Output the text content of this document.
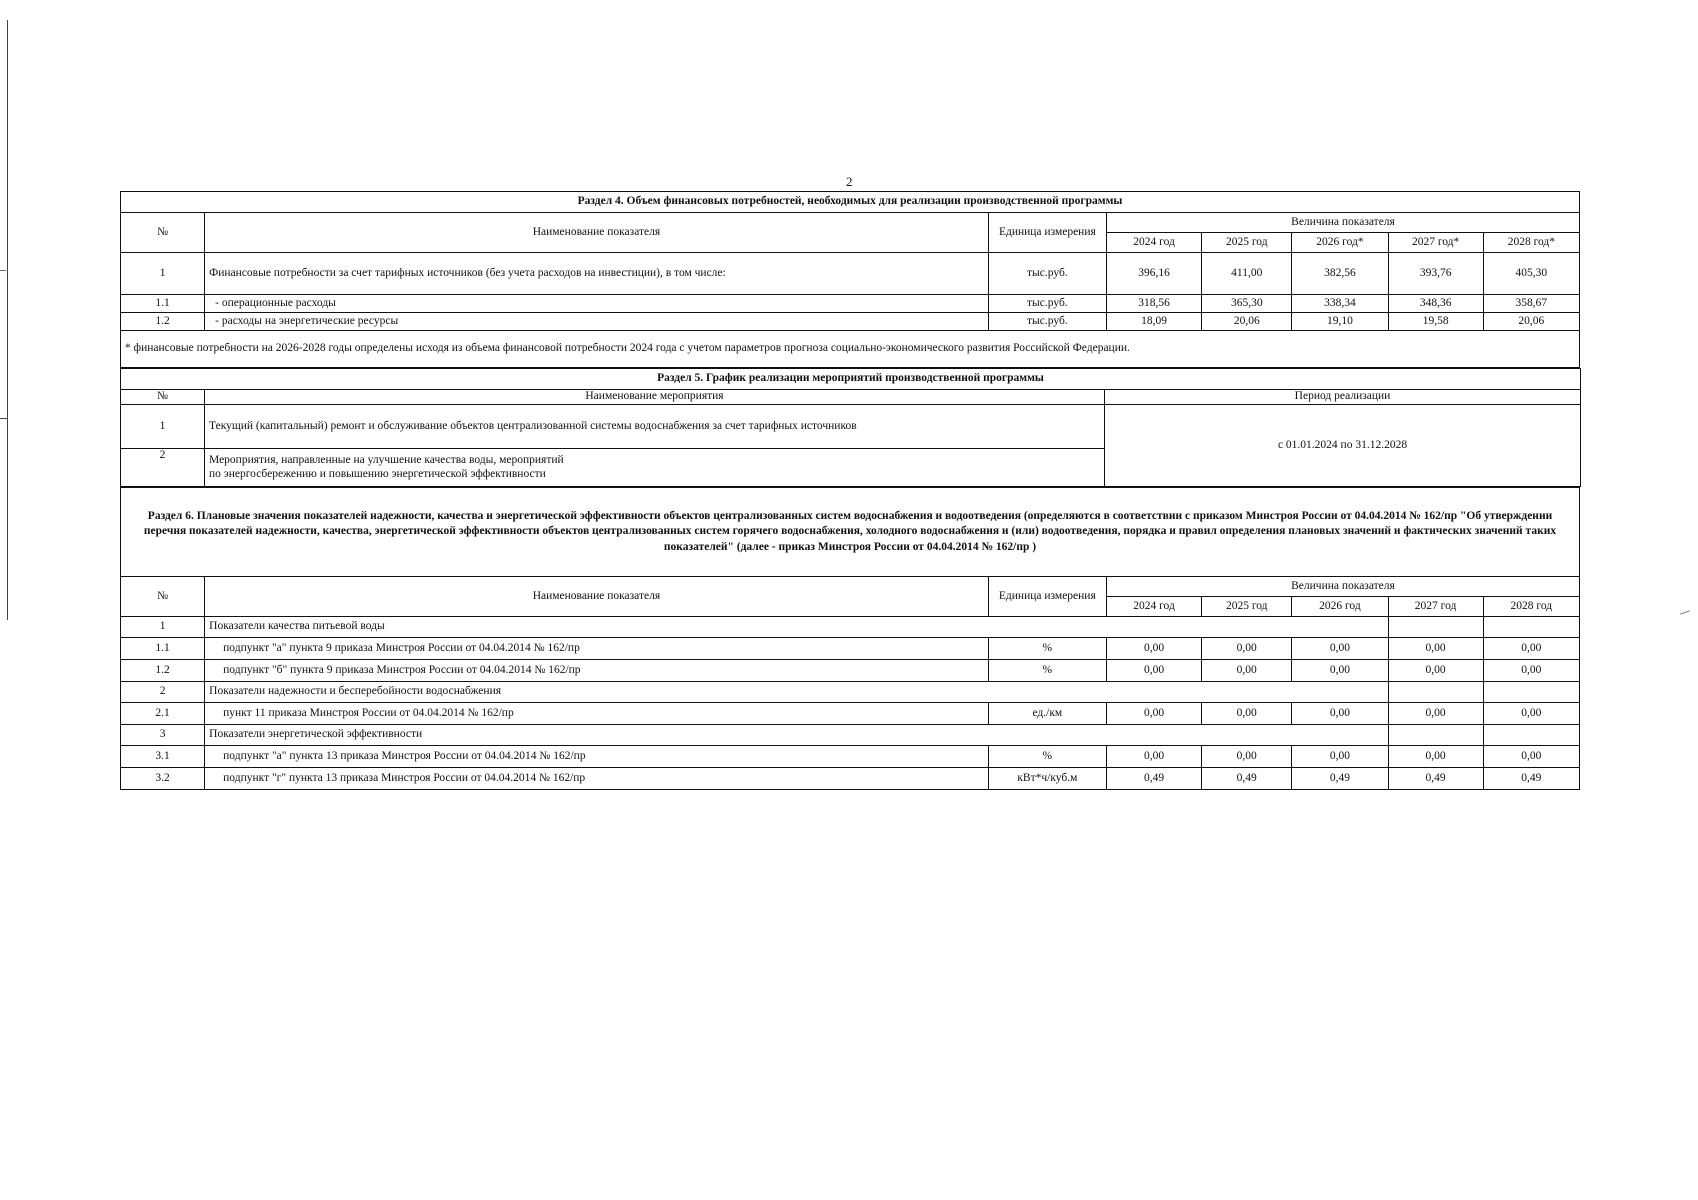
2
Раздел 4. Объем финансовых потребностей, необходимых для реализации производственной программы							
№	Наименование показателя	Единица измерения	Величина показателя				
			2024 год	2025 год	2026 год*	2027 год*	2028 год*
1	Финансовые потребности за счет тарифных источников (без учета расходов на инвестиции), в том числе:	тыс.руб.	396,16	411,00	382,56	393,76	405,30
1.1	- операционные расходы	тыс.руб.	318,56	365,30	338,34	348,36	358,67
1.2	- расходы на энергетические ресурсы	тыс.руб.	18,09	20,06	19,10	19,58	20,06
* финансовые потребности на 2026-2028 годы определены исходя из объема финансовой потребности 2024 года с учетом параметров прогноза социально-экономического развития Российской Федерации.							
Раздел 5. График реализации мероприятий производственной программы		
№	Наименование мероприятия	Период реализации
1	Текущий (капитальный) ремонт и обслуживание объектов централизованной системы водоснабжения за счет тарифных источников	с 01.01.2024 по 31.12.2028
2	Мероприятия, направленные на улучшение качества воды, мероприятий
по энергосбережению и повышению энергетической эффективности	
Раздел 6. Плановые значения показателей надежности, качества и энергетической эффективности объектов централизованных систем водоснабжения и водоотведения (определяются в соответствии с приказом Минстроя России от 04.04.2014 № 162/пр "Об утверждении перечня показателей надежности, качества, энергетической эффективности объектов централизованных систем горячего водоснабжения, холодного водоснабжения и (или) водоотведения, порядка и правил определения плановых значений и фактических значений таких показателей" (далее - приказ Минстроя России от 04.04.2014 № 162/пр )							
№	Наименование показателя	Единица измерения	Величина показателя				
			2024 год	2025 год	2026 год	2027 год	2028 год
1	Показатели качества питьевой воды						
1.1	подпункт "а" пункта 9 приказа Минстроя России от 04.04.2014 № 162/пр	%	0,00	0,00	0,00	0,00	0,00
1.2	подпункт "б" пункта 9 приказа Минстроя России от 04.04.2014 № 162/пр	%	0,00	0,00	0,00	0,00	0,00
2	Показатели надежности и бесперебойности водоснабжения						
2.1	пункт 11 приказа Минстроя России от 04.04.2014 № 162/пр	ед./км	0,00	0,00	0,00	0,00	0,00
3	Показатели энергетической эффективности						
3.1	подпункт "а" пункта 13 приказа Минстроя России от 04.04.2014 № 162/пр	%	0,00	0,00	0,00	0,00	0,00
3.2	подпункт "г" пункта 13 приказа Минстроя России от 04.04.2014 № 162/пр	кВт*ч/куб.м	0,49	0,49	0,49	0,49	0,49
